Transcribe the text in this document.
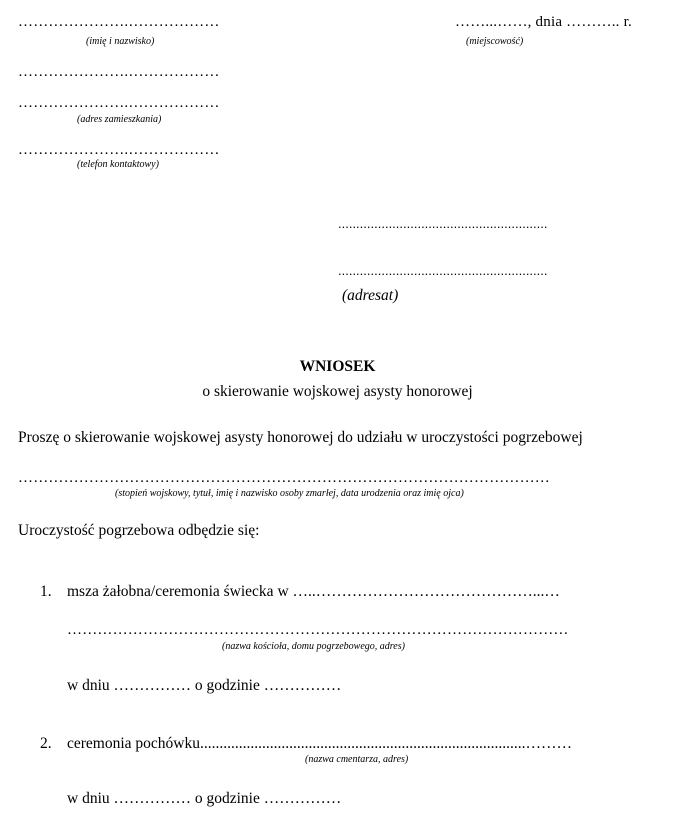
………………….………………
(imię i nazwisko)
……...……, dnia ……….. r.
(miejscowość)
………………….………………
………………….………………
(adres zamieszkania)
………………….………………
(telefon kontaktowy)
..........................................................
..........................................................
(adresat)
WNIOSEK
o skierowanie wojskowej asysty honorowej
Proszę o skierowanie wojskowej asysty honorowej do udziału w uroczystości pogrzebowej
……………………………………………………………………………………………
(stopień wojskowy, tytuł, imię i nazwisko osoby zmarłej, data urodzenia oraz imię ojca)
Uroczystość pogrzebowa odbędzie się:
1. msza żałobna/ceremonia świecka w …..……………………………………...…
………………………………………………………………………………………
(nazwa kościoła, domu pogrzebowego, adres)
w dniu …………… o godzinie ……………
2. ceremonia pochówku....................................................................................………
(nazwa cmentarza, adres)
w dniu …………… o godzinie ……………
